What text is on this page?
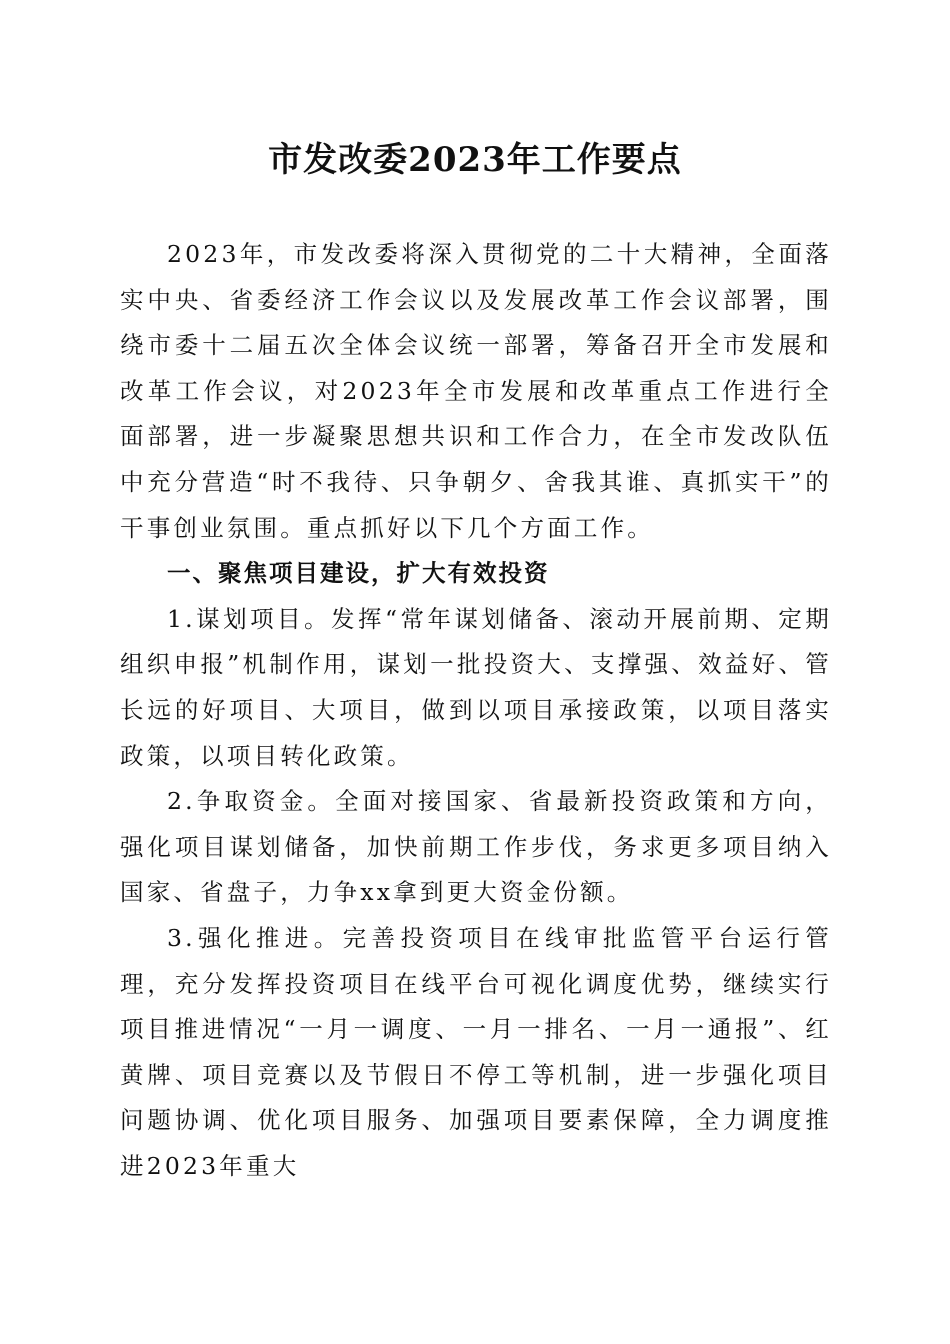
市发改委2023年工作要点

2023年，市发改委将深入贯彻党的二十大精神，全面落实中央、省委经济工作会议以及发展改革工作会议部署，围绕市委十二届五次全体会议统一部署，筹备召开全市发展和改革工作会议，对2023年全市发展和改革重点工作进行全面部署，进一步凝聚思想共识和工作合力，在全市发改队伍中充分营造“时不我待、只争朝夕、舍我其谁、真抓实干”的干事创业氛围。重点抓好以下几个方面工作。

一、聚焦项目建设，扩大有效投资

1.谋划项目。发挥“常年谋划储备、滚动开展前期、定期组织申报”机制作用，谋划一批投资大、支撑强、效益好、管长远的好项目、大项目，做到以项目承接政策，以项目落实政策，以项目转化政策。

2.争取资金。全面对接国家、省最新投资政策和方向，强化项目谋划储备，加快前期工作步伐，务求更多项目纳入国家、省盘子，力争xx拿到更大资金份额。

3.强化推进。完善投资项目在线审批监管平台运行管理，充分发挥投资项目在线平台可视化调度优势，继续实行项目推进情况“一月一调度、一月一排名、一月一通报”、红黄牌、项目竞赛以及节假日不停工等机制，进一步强化项目问题协调、优化项目服务、加强项目要素保障，全力调度推进2023年重大
